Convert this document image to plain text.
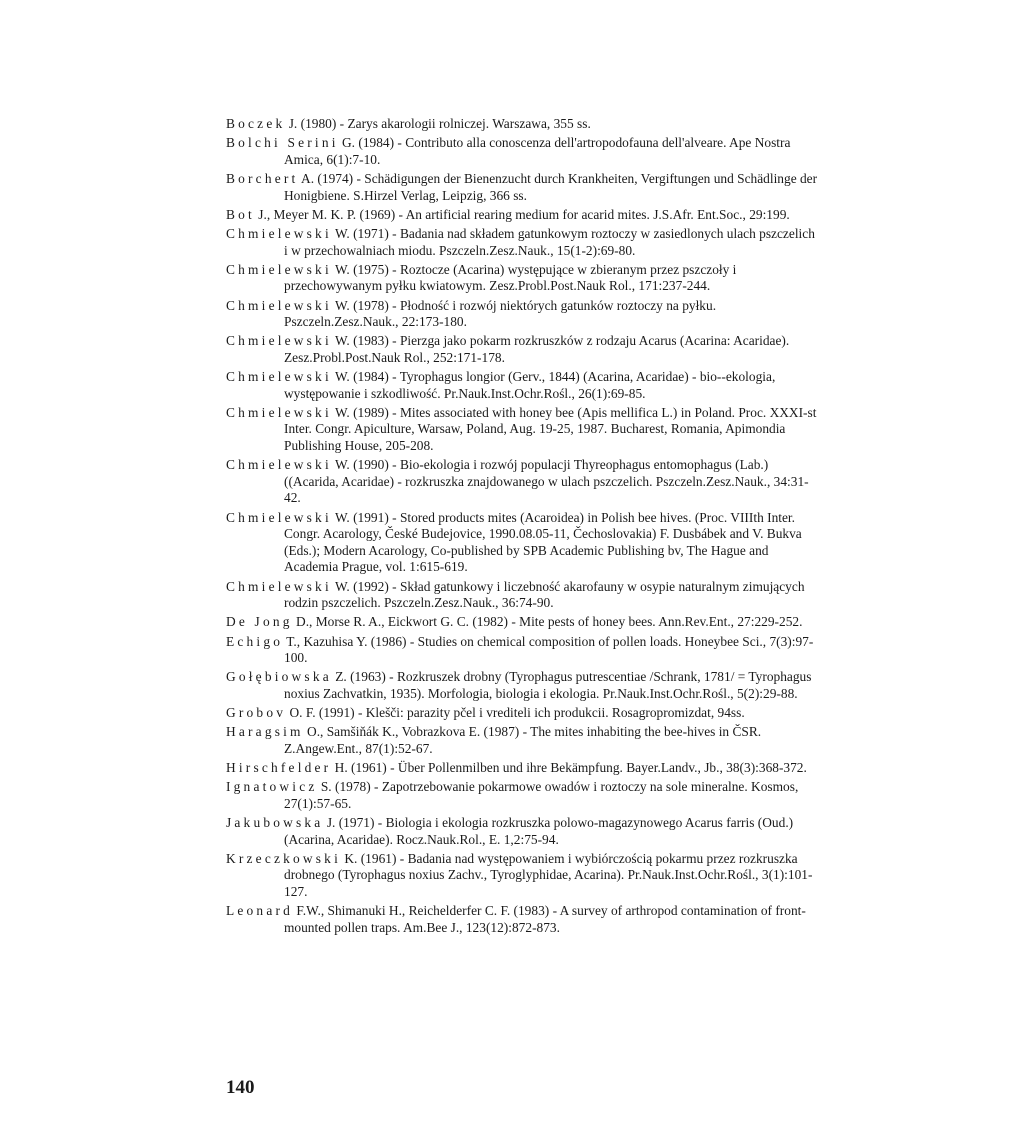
Boczek J. (1980) - Zarys akarologii rolniczej. Warszawa, 355 ss.

Bolchi Serini G. (1984) - Contributo alla conoscenza dell'artropodofauna dell'alveare. Ape Nostra Amica, 6(1):7-10.

Borchert A. (1974) - Schädigungen der Bienenzucht durch Krankheiten, Vergiftungen und Schädlinge der Honigbiene. S.Hirzel Verlag, Leipzig, 366 ss.

Bot J., Meyer M. K. P. (1969) - An artificial rearing medium for acarid mites. J.S.Afr. Ent.Soc., 29:199.

Chmielewski W. (1971) - Badania nad składem gatunkowym roztoczy w zasiedlonych ulach pszczelich i w przechowalniach miodu. Pszczeln.Zesz.Nauk., 15(1-2):69-80.

Chmielewski W. (1975) - Roztocze (Acarina) występujące w zbieranym przez pszczoły i przechowywanym pyłku kwiatowym. Zesz.Probl.Post.Nauk Rol., 171:237-244.

Chmielewski W. (1978) - Płodność i rozwój niektórych gatunków roztoczy na pyłku. Pszczeln.Zesz.Nauk., 22:173-180.

Chmielewski W. (1983) - Pierzga jako pokarm rozkruszków z rodzaju Acarus (Acarina: Acaridae). Zesz.Probl.Post.Nauk Rol., 252:171-178.

Chmielewski W. (1984) - Tyrophagus longior (Gerv., 1844) (Acarina, Acaridae) - bio--ekologia, występowanie i szkodliwość. Pr.Nauk.Inst.Ochr.Rośl., 26(1):69-85.

Chmielewski W. (1989) - Mites associated with honey bee (Apis mellifica L.) in Poland. Proc. XXXI-st Inter. Congr. Apiculture, Warsaw, Poland, Aug. 19-25, 1987. Bucharest, Romania, Apimondia Publishing House, 205-208.

Chmielewski W. (1990) - Bio-ekologia i rozwój populacji Thyreophagus entomophagus (Lab.) ((Acarida, Acaridae) - rozkruszka znajdowanego w ulach pszczelich. Pszczeln.Zesz.Nauk., 34:31-42.

Chmielewski W. (1991) - Stored products mites (Acaroidea) in Polish bee hives. (Proc. VIIIth Inter. Congr. Acarology, České Budejovice, 1990.08.05-11, Čechoslovakia) F. Dusbábek and V. Bukva (Eds.); Modern Acarology, Co-published by SPB Academic Publishing bv, The Hague and Academia Prague, vol. 1:615-619.

Chmielewski W. (1992) - Skład gatunkowy i liczebność akarofauny w osypie naturalnym zimujących rodzin pszczelich. Pszczeln.Zesz.Nauk., 36:74-90.

De Jong D., Morse R. A., Eickwort G. C. (1982) - Mite pests of honey bees. Ann.Rev.Ent., 27:229-252.

Echigo T., Kazuhisa Y. (1986) - Studies on chemical composition of pollen loads. Honeybee Sci., 7(3):97-100.

Gołębiowska Z. (1963) - Rozkruszek drobny (Tyrophagus putrescentiae /Schrank, 1781/ = Tyrophagus noxius Zachvatkin, 1935). Morfologia, biologia i ekologia. Pr.Nauk.Inst.Ochr.Rośl., 5(2):29-88.

Grobov O. F. (1991) - Klešči: parazity pčel i vrediteli ich produkcii. Rosagropromizdat, 94ss.

Haragsim O., Samšiňák K., Vobrazkova E. (1987) - The mites inhabiting the bee-hives in ČSR. Z.Angew.Ent., 87(1):52-67.

Hirschfelder H. (1961) - Über Pollenmilben und ihre Bekämpfung. Bayer.Landv., Jb., 38(3):368-372.

Ignatowicz S. (1978) - Zapotrzebowanie pokarmowe owadów i roztoczy na sole mineralne. Kosmos, 27(1):57-65.

Jakubowska J. (1971) - Biologia i ekologia rozkruszka polowo-magazynowego Acarus farris (Oud.) (Acarina, Acaridae). Rocz.Nauk.Rol., E. 1,2:75-94.

Krzeczkowski K. (1961) - Badania nad występowaniem i wybiórczością pokarmu przez rozkruszka drobnego (Tyrophagus noxius Zachv., Tyroglyphidae, Acarina). Pr.Nauk.Inst.Ochr.Rośl., 3(1):101-127.

Leonard F.W., Shimanuki H., Reichelderfer C. F. (1983) - A survey of arthropod contamination of front-mounted pollen traps. Am.Bee J., 123(12):872-873.

140
